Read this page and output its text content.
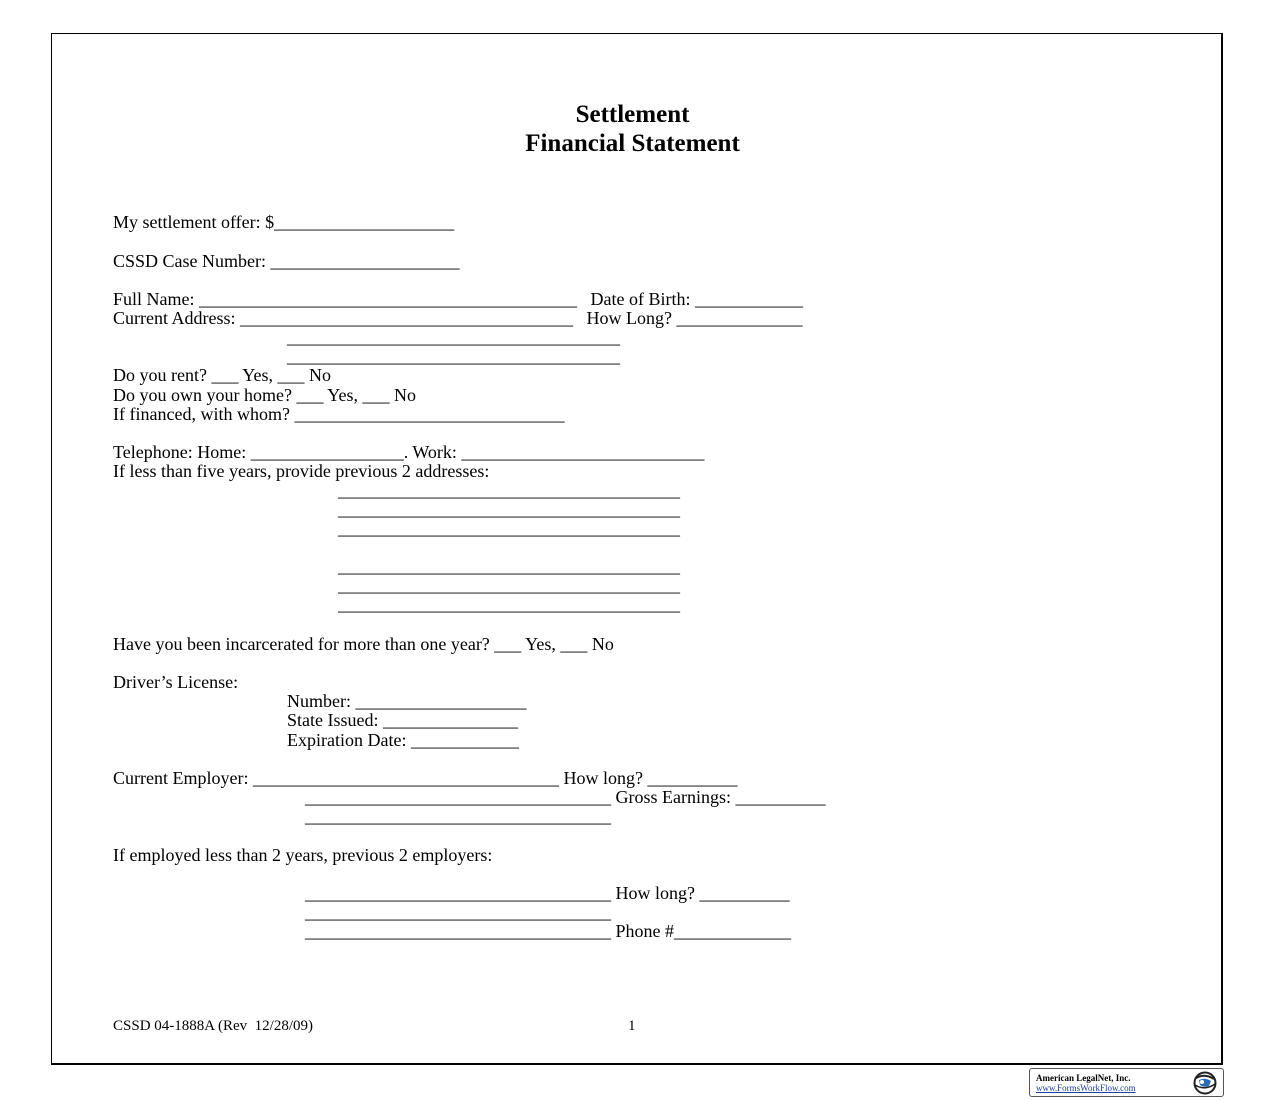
Settlement
Financial Statement
My settlement offer: $____________________
CSSD Case Number: _____________________
Full Name: __________________________________________   Date of Birth: ____________
Current Address: _____________________________________   How Long? ______________
_____________________________________
_____________________________________
Do you rent? ___ Yes, ___ No
Do you own your home? ___ Yes, ___ No
If financed, with whom? ______________________________
Telephone: Home: _________________. Work: ___________________________
If less than five years, provide previous 2 addresses:
______________________________________
______________________________________
______________________________________
______________________________________
______________________________________
______________________________________
Have you been incarcerated for more than one year? ___ Yes, ___ No
Driver’s License:
Number: ___________________
State Issued: _______________
Expiration Date: ____________
Current Employer: __________________________________ How long? __________
__________________________________ Gross Earnings: __________
__________________________________
If employed less than 2 years, previous 2 employers:
__________________________________ How long? __________
__________________________________
__________________________________ Phone #_____________
CSSD 04-1888A (Rev  12/28/09)	1
American LegalNet, Inc.
www.FormsWorkFlow.com
